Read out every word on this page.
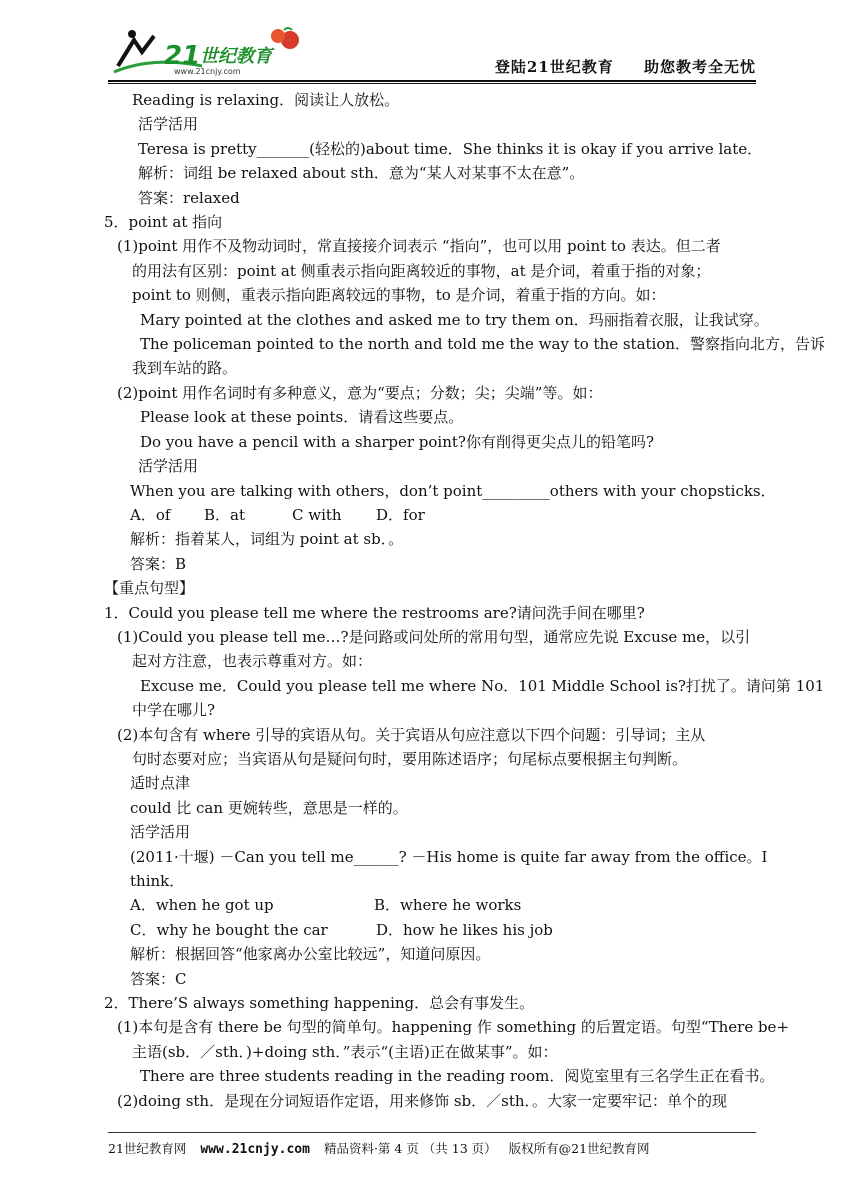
21 世纪教育
www.21cnjy.com	登陆21世纪教育 助您教考全无忧
Reading is relaxing．阅读让人放松。
活学活用
Teresa is pretty_______(轻松的)about time．She thinks it is okay if you arrive late．
解析：词组 be relaxed about sth．意为“某人对某事不太在意”。
答案：relaxed
5．point at 指向
(1)point 用作不及物动词时，常直接接介词表示 “指向”，也可以用 point to 表达。但二者
的用法有区别：point at 侧重表示指向距离较近的事物，at 是介词，着重于指的对象；
point to 则侧，重表示指向距离较远的事物，to 是介词，着重于指的方向。如：
Mary pointed at the clothes and asked me to try them on．玛丽指着衣服，让我试穿。
The policeman pointed to the north and told me the way to the station．警察指向北方，告诉
我到车站的路。
(2)point 用作名词时有多种意义，意为“要点；分数；尖；尖端”等。如：
Please look at these points．请看这些要点。
Do you have a pencil with a sharper point?你有削得更尖点儿的铅笔吗?
活学活用
When you are talking with others，don’t point_________others with your chopsticks．
A．of	B．at	C with	D．for
解析：指着某人，词组为 point at sb．。
答案：B
【重点句型】
1．Could you please tell me where the restrooms are?请问洗手间在哪里?
(1)Could you please tell me…?是问路或问处所的常用句型，通常应先说 Excuse me，以引
起对方注意，也表示尊重对方。如：
Excuse me．Could you please tell me where No．101 Middle School is?打扰了。请问第 101
中学在哪儿?
(2)本句含有 where 引导的宾语从句。关于宾语从句应注意以下四个问题：引导词；主从
句时态要对应；当宾语从句是疑问句时，要用陈述语序；句尾标点要根据主句判断。
适时点津
could 比 can 更婉转些，意思是一样的。
活学活用
(2011·十堰) －Can you tell me______? －His home is quite far away from the office。I
think．
A．when he got up	B．where he works
C．why he bought the car	D．how he likes his job
解析：根据回答“他家离办公室比较远”，知道问原因。
答案：C
2．There’S always something happening．总会有事发生。
(1)本句是含有 there be 句型的简单句。happening 作 something 的后置定语。句型“There be+
主语(sb．／sth．)+doing sth．”表示“(主语)正在做某事”。如：
There are three students reading in the reading room．阅览室里有三名学生正在看书。
(2)doing sth．是现在分词短语作定语，用来修饰 sb．／sth．。大家一定要牢记：单个的现
21世纪教育网 www.21cnjy.com 精品资料·第 4 页 （共 13 页） 版权所有@21世纪教育网
